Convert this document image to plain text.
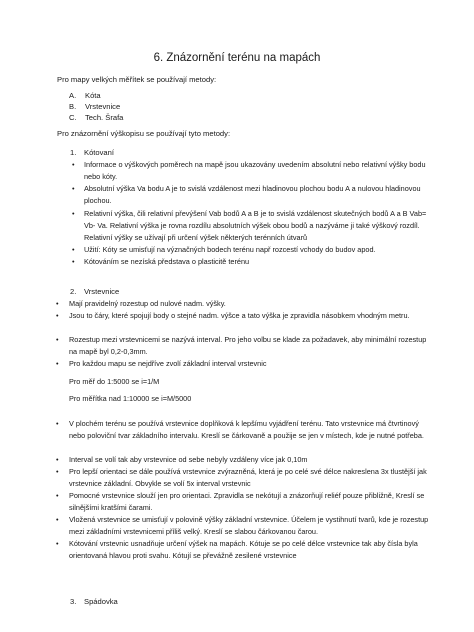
6. Znázornění terénu na mapách
Pro mapy velkých měřítek se používají metody:
A. Kóta
B. Vrstevnice
C. Tech. Šrafa
Pro znázornění výškopisu se používají tyto metody:
1. Kótovaní
• Informace o výškových poměrech na mapě jsou ukazovány uvedením absolutní nebo relativní výšky bodu nebo kóty.
• Absolutní výška Va bodu A je to svislá vzdálenost mezi hladinovou plochou bodu A a nulovou hladinovou plochou.
• Relativní výška, čili relativní převýšení Vab bodů A a B je to svislá vzdálenost skutečných bodů A a B Vab= Vb- Va. Relativní výška je rovna rozdílu absolutních výšek obou bodů a nazýváme ji také výškový rozdíl. Relativní výšky se užívají při určení výšek některých terénních útvarů
• Užití: Kóty se umisťují na význačných bodech terénu např rozcestí vchody do budov apod.
• Kótováním se nezíská představa o plasticitě terénu
2. Vrstevnice
• Mají pravidelný rozestup od nulové nadm. výšky.
• Jsou to čáry, které spojují body o stejné nadm. výšce a tato výška je zpravidla násobkem vhodným metru.
• Rozestup mezi vrstevnicemi se nazývá interval. Pro jeho volbu se klade za požadavek, aby minimální rozestup na mapě byl 0,2-0,3mm.
• Pro každou mapu se nejdříve zvolí základní interval vrstevnic
Pro měř do 1:5000 se i=1/M
Pro měřítka nad 1:10000 se i=M/5000
• V plochém terénu se používá vrstevnice doplňková k lepšímu vyjádření terénu. Tato vrstevnice má čtvrtinový nebo poloviční tvar základního intervalu. Kreslí se čárkovaně a použije se jen v místech, kde je nutné potřeba.
• Interval se volí tak aby vrstevnice od sebe nebyly vzdáleny více jak 0,10m
• Pro lepší orientaci se dále používá vrstevnice zvýrazněná, která je po celé své délce nakreslena 3x tlustější jak vrstevnice základní. Obvykle se volí 5x interval vrstevnic
• Pomocné vrstevnice slouží jen pro orientaci. Zpravidla se nekótují a znázorňují reliéf pouze přibližně, Kreslí se silnějšími kratšími čarami.
• Vložená vrstevnice se umisťují v polovině výšky základní vrstevnice. Účelem je vystihnutí tvarů, kde je rozestup mezi základními vrstevnicemi příliš velký. Kreslí se slabou čárkovanou čarou.
• Kótování vrstevnic usnadňuje určení výšek na mapách. Kótuje se po celé délce vrstevnice tak aby čísla byla orientovaná hlavou proti svahu. Kótují se převážně zesilené vrstevnice
3. Spádovka
